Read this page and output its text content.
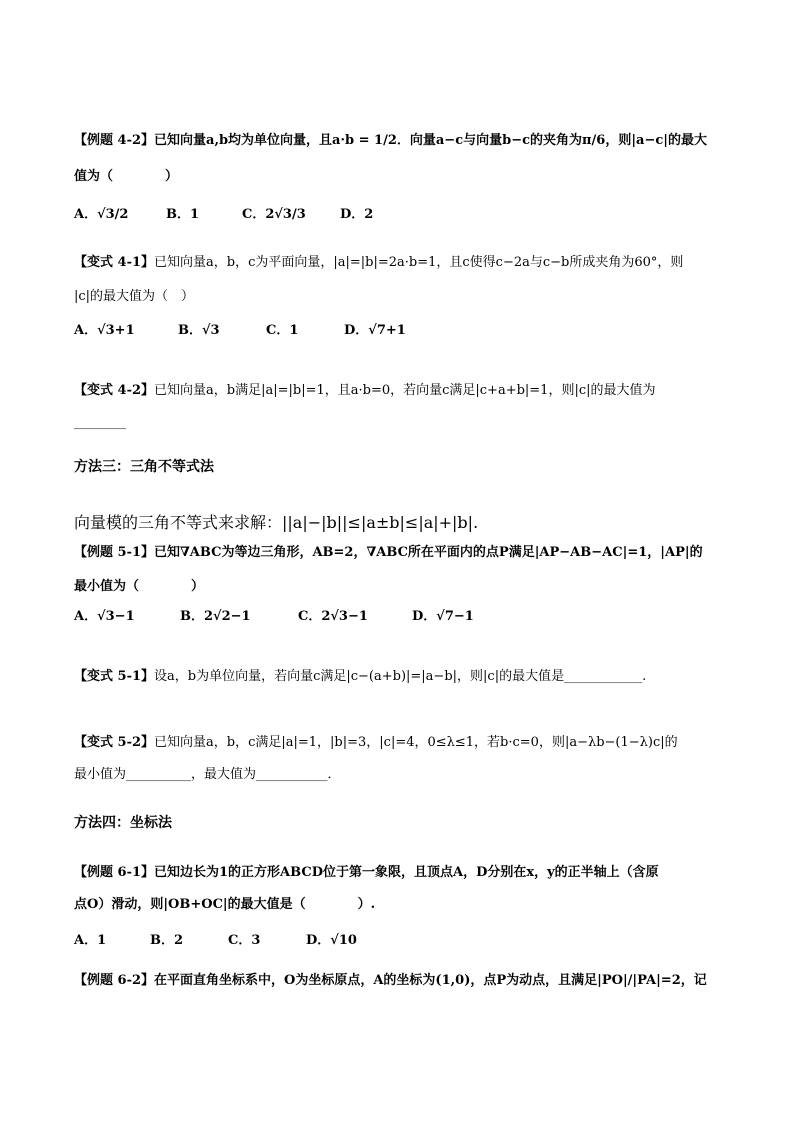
【例题 4-2】已知向量a,b均为单位向量，且a·b = 1/2．向量a−c与向量b−c的夹角为π/6，则|a−c|的最大
值为（　　　　）
A．√3/2	B．1	C．2√3/3	D．2
【变式 4-1】已知向量a，b，c为平面向量，|a|=|b|=2a·b=1，且c使得c−2a与c−b所成夹角为60°，则
|c|的最大值为（　）
A．√3+1	B．√3	C．1	D．√7+1
【变式 4-2】已知向量a，b满足|a|=|b|=1，且a·b=0，若向量c满足|c+a+b|=1，则|c|的最大值为
________
方法三：三角不等式法
向量模的三角不等式来求解：||a|−|b||≤|a±b|≤|a|+|b|.
【例题 5-1】已知∇ABC为等边三角形，AB=2，∇ABC所在平面内的点P满足|AP−AB−AC|=1，|AP|的
最小值为（　　　　）
A．√3−1	B．2√2−1	C．2√3−1	D．√7−1
【变式 5-1】设a，b为单位向量，若向量c满足|c−(a+b)|=|a−b|，则|c|的最大值是____________.
【变式 5-2】已知向量a，b，c满足|a|=1，|b|=3，|c|=4，0≤λ≤1，若b·c=0，则|a−λb−(1−λ)c|的
最小值为__________，最大值为___________．
方法四：坐标法
【例题 6-1】已知边长为1的正方形ABCD位于第一象限，且顶点A，D分别在x，y的正半轴上（含原
点O）滑动，则|OB+OC|的最大值是（　　　　）.
A．1	B．2	C．3	D．√10
【例题 6-2】在平面直角坐标系中，O为坐标原点，A的坐标为(1,0)，点P为动点，且满足|PO|/|PA|=2，记
